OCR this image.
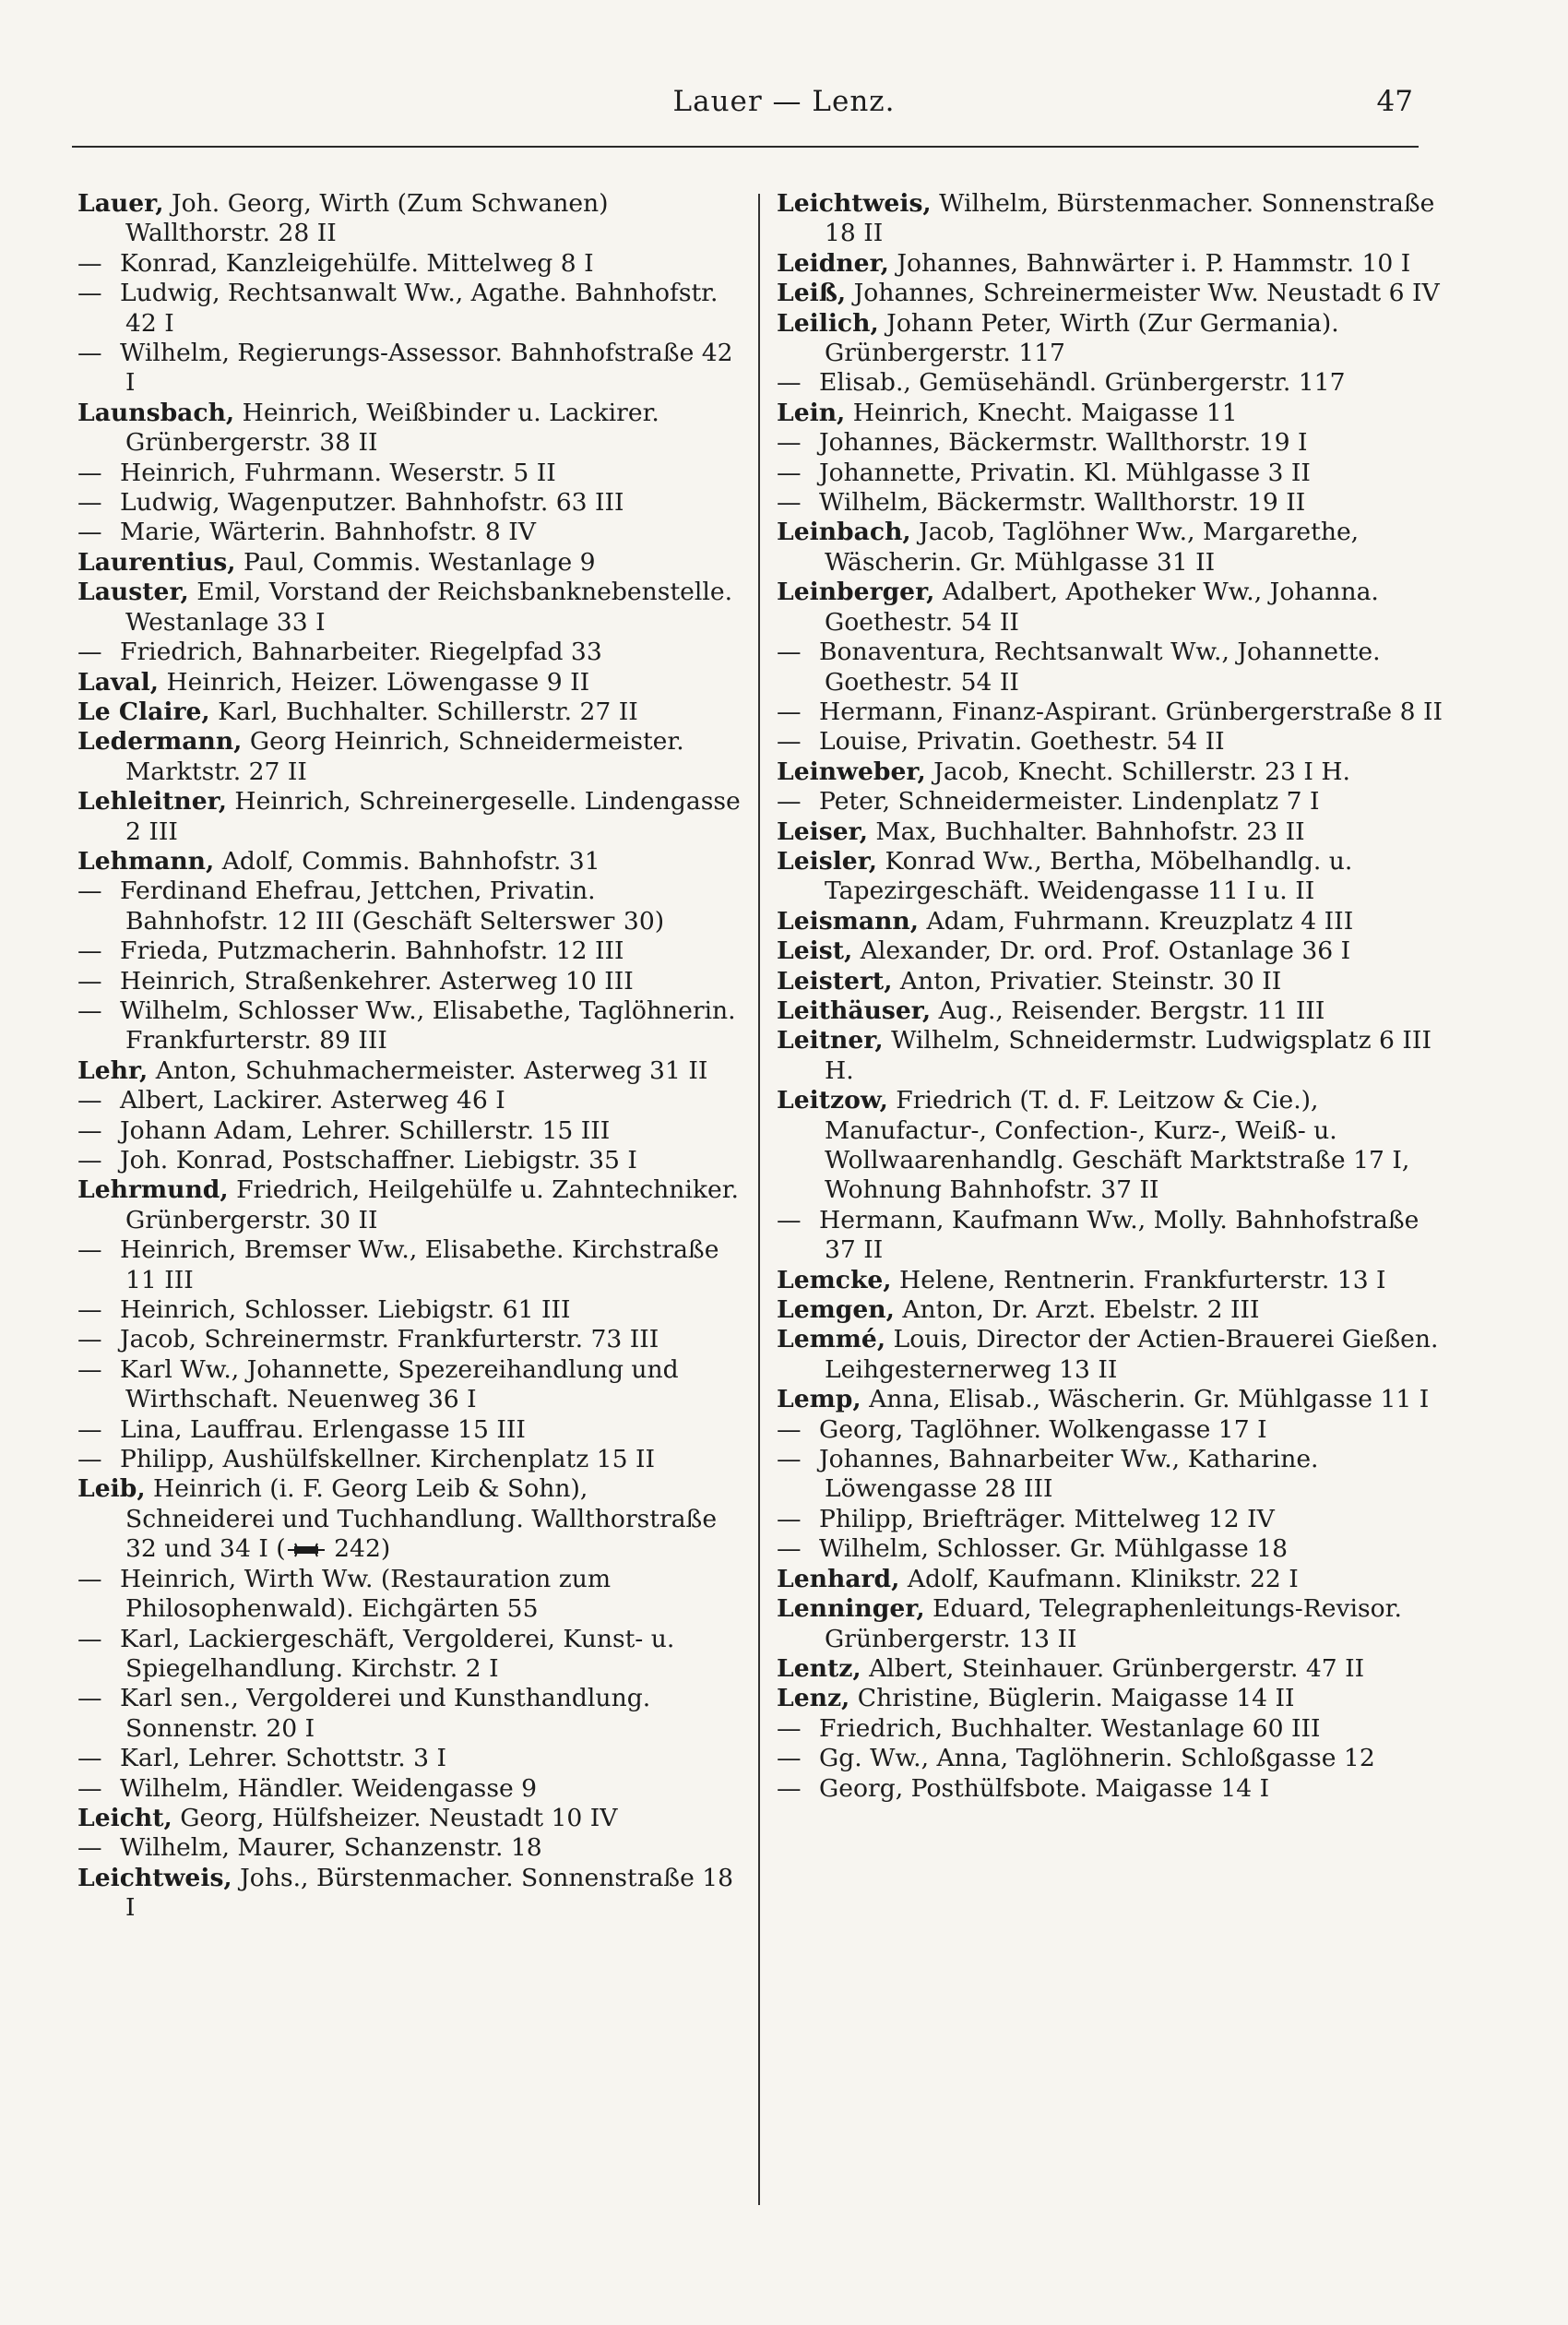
Lauer — Lenz.	47

Lauer, Joh. Georg, Wirth (Zum Schwanen) Wallthorstr. 28 II

— Konrad, Kanzleigehülfe. Mittelweg 8 I

— Ludwig, Rechtsanwalt Ww., Agathe. Bahnhofstr. 42 I

— Wilhelm, Regierungs-Assessor. Bahnhofstraße 42 I

Launsbach, Heinrich, Weißbinder u. Lackirer. Grünbergerstr. 38 II

— Heinrich, Fuhrmann. Weserstr. 5 II

— Ludwig, Wagenputzer. Bahnhofstr. 63 III

— Marie, Wärterin. Bahnhofstr. 8 IV

Laurentius, Paul, Commis. Westanlage 9

Lauster, Emil, Vorstand der Reichsbanknebenstelle. Westanlage 33 I

— Friedrich, Bahnarbeiter. Riegelpfad 33

Laval, Heinrich, Heizer. Löwengasse 9 II

Le Claire, Karl, Buchhalter. Schillerstr. 27 II

Ledermann, Georg Heinrich, Schneidermeister. Marktstr. 27 II

Lehleitner, Heinrich, Schreinergeselle. Lindengasse 2 III

Lehmann, Adolf, Commis. Bahnhofstr. 31

— Ferdinand Ehefrau, Jettchen, Privatin. Bahnhofstr. 12 III (Geschäft Selterswег 30)

— Frieda, Putzmacherin. Bahnhofstr. 12 III

— Heinrich, Straßenkehrer. Asterweg 10 III

— Wilhelm, Schlosser Ww., Elisabethe, Taglöhnerin. Frankfurterstr. 89 III

Lehr, Anton, Schuhmachermeister. Asterweg 31 II

— Albert, Lackirer. Asterweg 46 I

— Johann Adam, Lehrer. Schillerstr. 15 III

— Joh. Konrad, Postschaffner. Liebigstr. 35 I

Lehrmund, Friedrich, Heilgehülfe u. Zahntechniker. Grünbergerstr. 30 II

— Heinrich, Bremser Ww., Elisabethe. Kirchstraße 11 III

— Heinrich, Schlosser. Liebigstr. 61 III

— Jacob, Schreinermstr. Frankfurterstr. 73 III

— Karl Ww., Johannette, Spezereihandlung und Wirthschaft. Neuenweg 36 I

— Lina, Lauffrau. Erlengasse 15 III

— Philipp, Aushülfskellner. Kirchenplatz 15 II

Leib, Heinrich (i. F. Georg Leib & Sohn), Schneiderei und Tuchhandlung. Wallthorstraße 32 und 34 I ( 242)

— Heinrich, Wirth Ww. (Restauration zum Philosophenwald). Eichgärten 55

— Karl, Lackiergeschäft, Vergolderei, Kunst- u. Spiegelhandlung. Kirchstr. 2 I

— Karl sen., Vergolderei und Kunsthandlung. Sonnenstr. 20 I

— Karl, Lehrer. Schottstr. 3 I

— Wilhelm, Händler. Weidengasse 9

Leicht, Georg, Hülfsheizer. Neustadt 10 IV

— Wilhelm, Maurer, Schanzenstr. 18

Leichtweis, Johs., Bürstenmacher. Sonnenstraße 18 I

Leichtweis, Wilhelm, Bürstenmacher. Sonnenstraße 18 II

Leidner, Johannes, Bahnwärter i. P. Hammstr. 10 I

Leiß, Johannes, Schreinermeister Ww. Neustadt 6 IV

Leilich, Johann Peter, Wirth (Zur Germania). Grünbergerstr. 117

— Elisab., Gemüsehändl. Grünbergerstr. 117

Lein, Heinrich, Knecht. Maigasse 11

— Johannes, Bäckermstr. Wallthorstr. 19 I

— Johannette, Privatin. Kl. Mühlgasse 3 II

— Wilhelm, Bäckermstr. Wallthorstr. 19 II

Leinbach, Jacob, Taglöhner Ww., Margarethe, Wäscherin. Gr. Mühlgasse 31 II

Leinberger, Adalbert, Apotheker Ww., Johanna. Goethestr. 54 II

— Bonaventura, Rechtsanwalt Ww., Johannette. Goethestr. 54 II

— Hermann, Finanz-Aspirant. Grünbergerstraße 8 II

— Louise, Privatin. Goethestr. 54 II

Leinweber, Jacob, Knecht. Schillerstr. 23 I H.

— Peter, Schneidermeister. Lindenplatz 7 I

Leiser, Max, Buchhalter. Bahnhofstr. 23 II

Leisler, Konrad Ww., Bertha, Möbelhandlg. u. Tapezirgeschäft. Weidengasse 11 I u. II

Leismann, Adam, Fuhrmann. Kreuzplatz 4 III

Leist, Alexander, Dr. ord. Prof. Ostanlage 36 I

Leistert, Anton, Privatier. Steinstr. 30 II

Leithäuser, Aug., Reisender. Bergstr. 11 III

Leitner, Wilhelm, Schneidermstr. Ludwigsplatz 6 III H.

Leitzow, Friedrich (T. d. F. Leitzow & Cie.), Manufactur-, Confection-, Kurz-, Weiß- u. Wollwaarenhandlg. Geschäft Marktstraße 17 I, Wohnung Bahnhofstr. 37 II

— Hermann, Kaufmann Ww., Molly. Bahnhofstraße 37 II

Lemcke, Helene, Rentnerin. Frankfurterstr. 13 I

Lemgen, Anton, Dr. Arzt. Ebelstr. 2 III

Lemmé, Louis, Director der Actien-Brauerei Gießen. Leihgesternerweg 13 II

Lemp, Anna, Elisab., Wäscherin. Gr. Mühlgasse 11 I

— Georg, Taglöhner. Wolkengasse 17 I

— Johannes, Bahnarbeiter Ww., Katharine. Löwengasse 28 III

— Philipp, Briefträger. Mittelweg 12 IV

— Wilhelm, Schlosser. Gr. Mühlgasse 18

Lenhard, Adolf, Kaufmann. Klinikstr. 22 I

Lenninger, Eduard, Telegraphenleitungs-Revisor. Grünbergerstr. 13 II

Lentz, Albert, Steinhauer. Grünbergerstr. 47 II

Lenz, Christine, Büglerin. Maigasse 14 II

— Friedrich, Buchhalter. Westanlage 60 III

— Gg. Ww., Anna, Taglöhnerin. Schloßgasse 12

— Georg, Posthülfsbote. Maigasse 14 I
